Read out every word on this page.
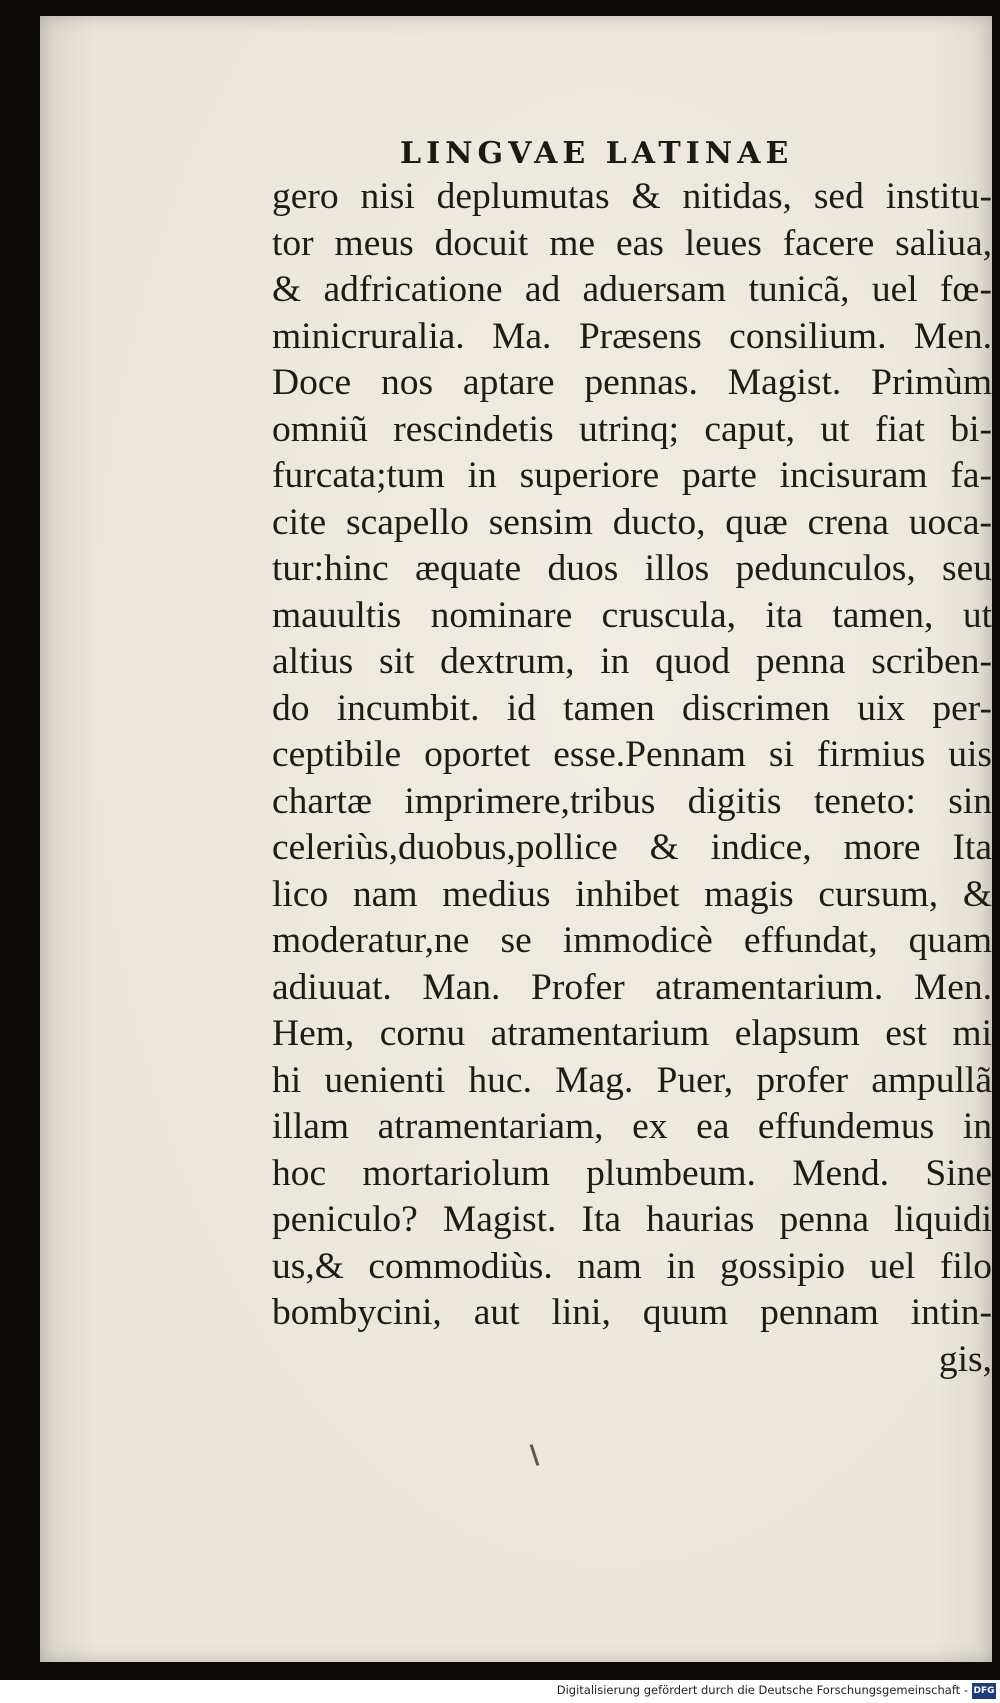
LINGVAE LATINAE
gero nisi deplumutas & nitidas, sed institu-
tor meus docuit me eas leues facere saliua,
& adfricatione ad aduersam tunicã, uel fœ-
minicruralia. Ma. Præsens consilium. Men.
Doce nos aptare pennas. Magist. Primùm
omniũ rescindetis utrinq; caput, ut fiat bi-
furcata;tum in superiore parte incisuram fa-
cite scapello sensim ducto, quæ crena uoca-
tur:hinc æquate duos illos pedunculos, seu
mauultis nominare cruscula, ita tamen, ut
altius sit dextrum, in quod penna scriben-
do incumbit. id tamen discrimen uix per-
ceptibile oportet esse.Pennam si firmius uis
chartæ imprimere,tribus digitis teneto: sin
celeriùs,duobus,pollice & indice, more Ita
lico nam medius inhibet magis cursum, &
moderatur,ne se immodicè effundat, quam
adiuuat. Man. Profer atramentarium. Men.
Hem, cornu atramentarium elapsum est mi
hi uenienti huc. Mag. Puer, profer ampullã
illam atramentariam, ex ea effundemus in
hoc mortariolum plumbeum. Mend. Sine
peniculo? Magist. Ita haurias penna liquidi
us,& commodiùs. nam in gossipio uel filo
bombycini, aut lini, quum pennam intin-
gis,
Digitalisierung gefördert durch die Deutsche Forschungsgemeinschaft - DFG
